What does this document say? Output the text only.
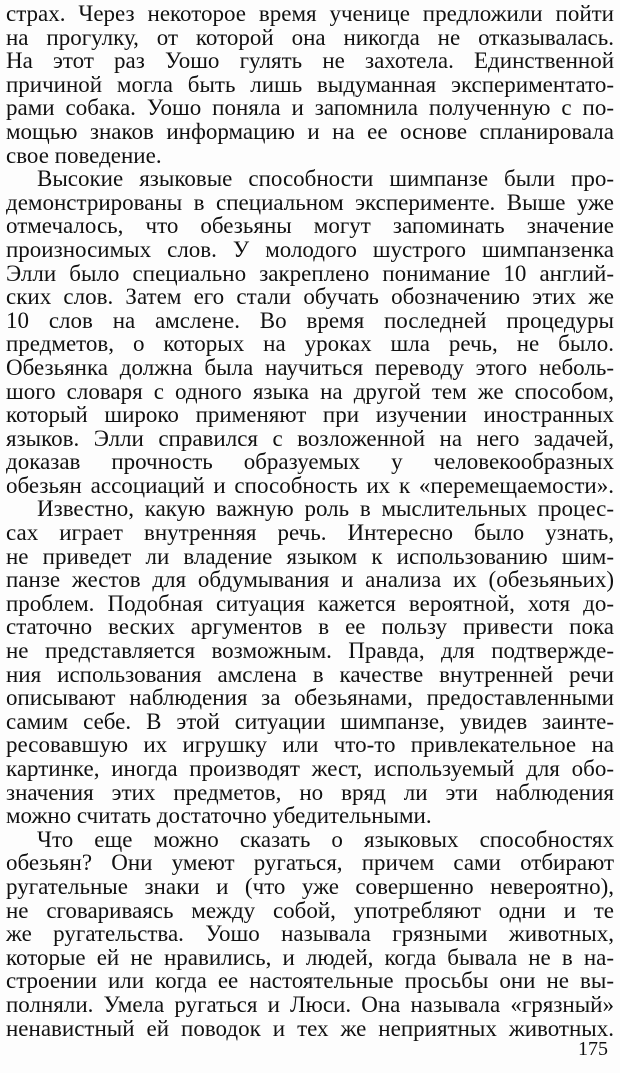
страх. Через некоторое время ученице предложили пойти
на прогулку, от которой она никогда не отказывалась.
На этот раз Уошо гулять не захотела. Единственной
причиной могла быть лишь выдуманная экспериментато-
рами собака. Уошо поняла и запомнила полученную с по-
мощью знаков информацию и на ее основе спланировала
свое поведение.
Высокие языковые способности шимпанзе были про-
демонстрированы в специальном эксперименте. Выше уже
отмечалось, что обезьяны могут запоминать значение
произносимых слов. У молодого шустрого шимпанзенка
Элли было специально закреплено понимание 10 англий-
ских слов. Затем его стали обучать обозначению этих же
10 слов на амслене. Во время последней процедуры
предметов, о которых на уроках шла речь, не было.
Обезьянка должна была научиться переводу этого неболь-
шого словаря с одного языка на другой тем же способом,
который широко применяют при изучении иностранных
языков. Элли справился с возложенной на него задачей,
доказав прочность образуемых у человекообразных
обезьян ассоциаций и способность их к «перемещаемости».
Известно, какую важную роль в мыслительных процес-
сах играет внутренняя речь. Интересно было узнать,
не приведет ли владение языком к использованию шим-
панзе жестов для обдумывания и анализа их (обезьяньих)
проблем. Подобная ситуация кажется вероятной, хотя до-
статочно веских аргументов в ее пользу привести пока
не представляется возможным. Правда, для подтвержде-
ния использования амслена в качестве внутренней речи
описывают наблюдения за обезьянами, предоставленными
самим себе. В этой ситуации шимпанзе, увидев заинте-
ресовавшую их игрушку или что-то привлекательное на
картинке, иногда производят жест, используемый для обо-
значения этих предметов, но вряд ли эти наблюдения
можно считать достаточно убедительными.
Что еще можно сказать о языковых способностях
обезьян? Они умеют ругаться, причем сами отбирают
ругательные знаки и (что уже совершенно невероятно),
не сговариваясь между собой, употребляют одни и те
же ругательства. Уошо называла грязными животных,
которые ей не нравились, и людей, когда бывала не в на-
строении или когда ее настоятельные просьбы они не вы-
полняли. Умела ругаться и Люси. Она называла «грязный»
ненавистный ей поводок и тех же неприятных животных.
175
